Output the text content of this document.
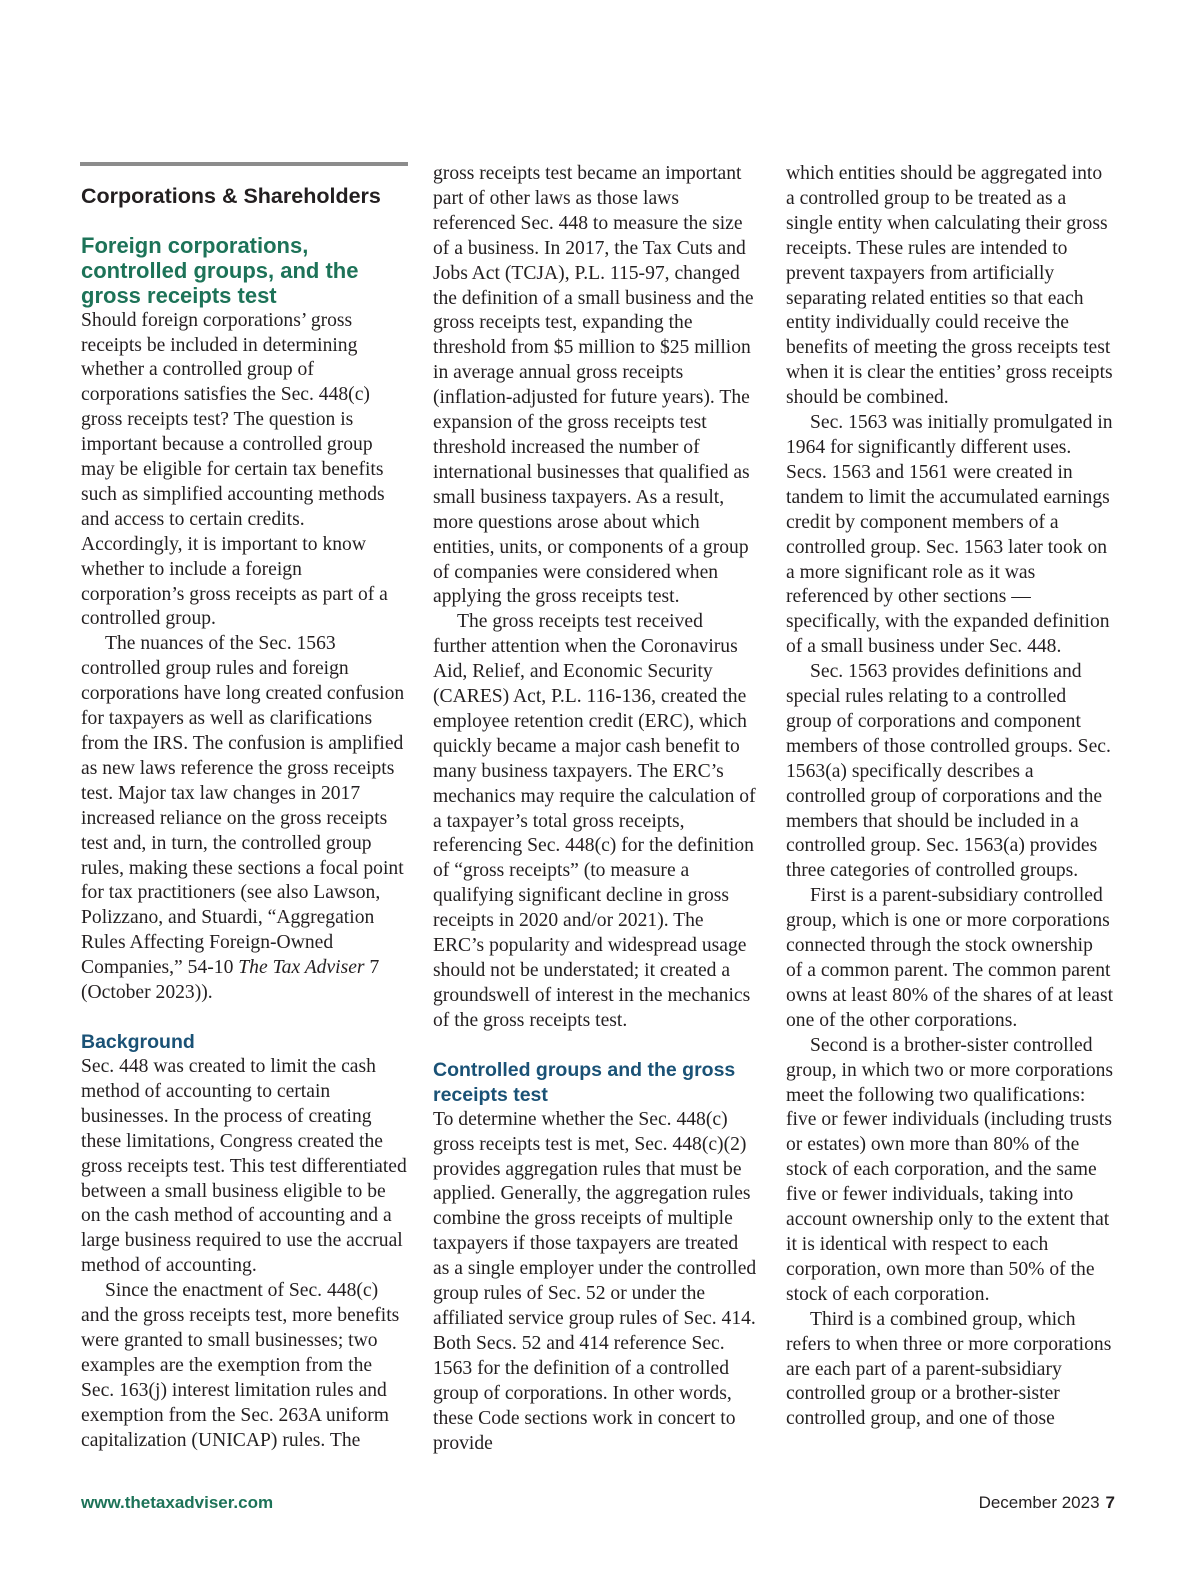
Corporations & Shareholders
Foreign corporations, controlled groups, and the gross receipts test

Should foreign corporations’ gross receipts be included in determining whether a controlled group of corporations satisfies the Sec. 448(c) gross receipts test? The question is important because a controlled group may be eligible for certain tax benefits such as simplified accounting methods and access to certain credits. Accordingly, it is important to know whether to include a foreign corporation’s gross receipts as part of a controlled group.

The nuances of the Sec. 1563 controlled group rules and foreign corporations have long created confusion for taxpayers as well as clarifications from the IRS. The confusion is amplified as new laws reference the gross receipts test. Major tax law changes in 2017 increased reliance on the gross receipts test and, in turn, the controlled group rules, making these sections a focal point for tax practitioners (see also Lawson, Polizzano, and Stuardi, “Aggregation Rules Affecting Foreign-Owned Companies,” 54-10 The Tax Adviser 7 (October 2023)).

Background

Sec. 448 was created to limit the cash method of accounting to certain businesses. In the process of creating these limitations, Congress created the gross receipts test. This test differentiated between a small business eligible to be on the cash method of accounting and a large business required to use the accrual method of accounting.

Since the enactment of Sec. 448(c) and the gross receipts test, more benefits were granted to small businesses; two examples are the exemption from the Sec. 163(j) interest limitation rules and exemption from the Sec. 263A uniform capitalization (UNICAP) rules. The

gross receipts test became an important part of other laws as those laws referenced Sec. 448 to measure the size of a business. In 2017, the Tax Cuts and Jobs Act (TCJA), P.L. 115-97, changed the definition of a small business and the gross receipts test, expanding the threshold from $5 million to $25 million in average annual gross receipts (inflation-adjusted for future years). The expansion of the gross receipts test threshold increased the number of international businesses that qualified as small business taxpayers. As a result, more questions arose about which entities, units, or components of a group of companies were considered when applying the gross receipts test.

The gross receipts test received further attention when the Coronavirus Aid, Relief, and Economic Security (CARES) Act, P.L. 116-136, created the employee retention credit (ERC), which quickly became a major cash benefit to many business taxpayers. The ERC’s mechanics may require the calculation of a taxpayer’s total gross receipts, referencing Sec. 448(c) for the definition of “gross receipts” (to measure a qualifying significant decline in gross receipts in 2020 and/or 2021). The ERC’s popularity and widespread usage should not be understated; it created a groundswell of interest in the mechanics of the gross receipts test.

Controlled groups and the gross receipts test

To determine whether the Sec. 448(c) gross receipts test is met, Sec. 448(c)(2) provides aggregation rules that must be applied. Generally, the aggregation rules combine the gross receipts of multiple taxpayers if those taxpayers are treated as a single employer under the controlled group rules of Sec. 52 or under the affiliated service group rules of Sec. 414. Both Secs. 52 and 414 reference Sec. 1563 for the definition of a controlled group of corporations. In other words, these Code sections work in concert to provide

which entities should be aggregated into a controlled group to be treated as a single entity when calculating their gross receipts. These rules are intended to prevent taxpayers from artificially separating related entities so that each entity individually could receive the benefits of meeting the gross receipts test when it is clear the entities’ gross receipts should be combined.

Sec. 1563 was initially promulgated in 1964 for significantly different uses. Secs. 1563 and 1561 were created in tandem to limit the accumulated earnings credit by component members of a controlled group. Sec. 1563 later took on a more significant role as it was referenced by other sections — specifically, with the expanded definition of a small business under Sec. 448.

Sec. 1563 provides definitions and special rules relating to a controlled group of corporations and component members of those controlled groups. Sec. 1563(a) specifically describes a controlled group of corporations and the members that should be included in a controlled group. Sec. 1563(a) provides three categories of controlled groups.

First is a parent-subsidiary controlled group, which is one or more corporations connected through the stock ownership of a common parent. The common parent owns at least 80% of the shares of at least one of the other corporations.

Second is a brother-sister controlled group, in which two or more corporations meet the following two qualifications: five or fewer individuals (including trusts or estates) own more than 80% of the stock of each corporation, and the same five or fewer individuals, taking into account ownership only to the extent that it is identical with respect to each corporation, own more than 50% of the stock of each corporation.

Third is a combined group, which refers to when three or more corporations are each part of a parent-subsidiary controlled group or a brother-sister controlled group, and one of those

www.thetaxadviser.com	December 2023 7
